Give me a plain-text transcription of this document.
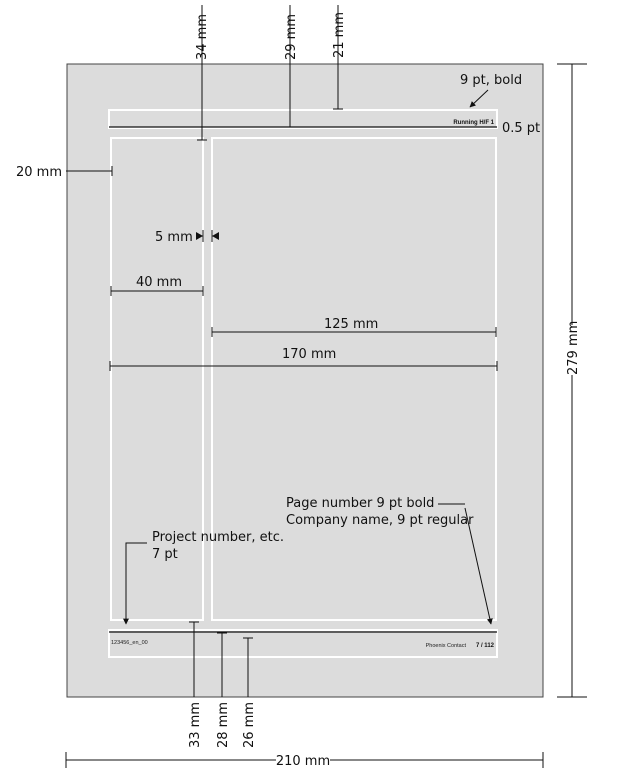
Running H/F 1
123456_en_00	Phoenix Contact 7 / 112
34 mm	29 mm	21 mm
9 pt, bold
0.5 pt
20 mm
5 mm
40 mm
125 mm
170 mm	279 mm
Page number 9 pt bold
Company name, 9 pt regular
Project number, etc.
7 pt
33 mm 28 mm 26 mm
210 mm
